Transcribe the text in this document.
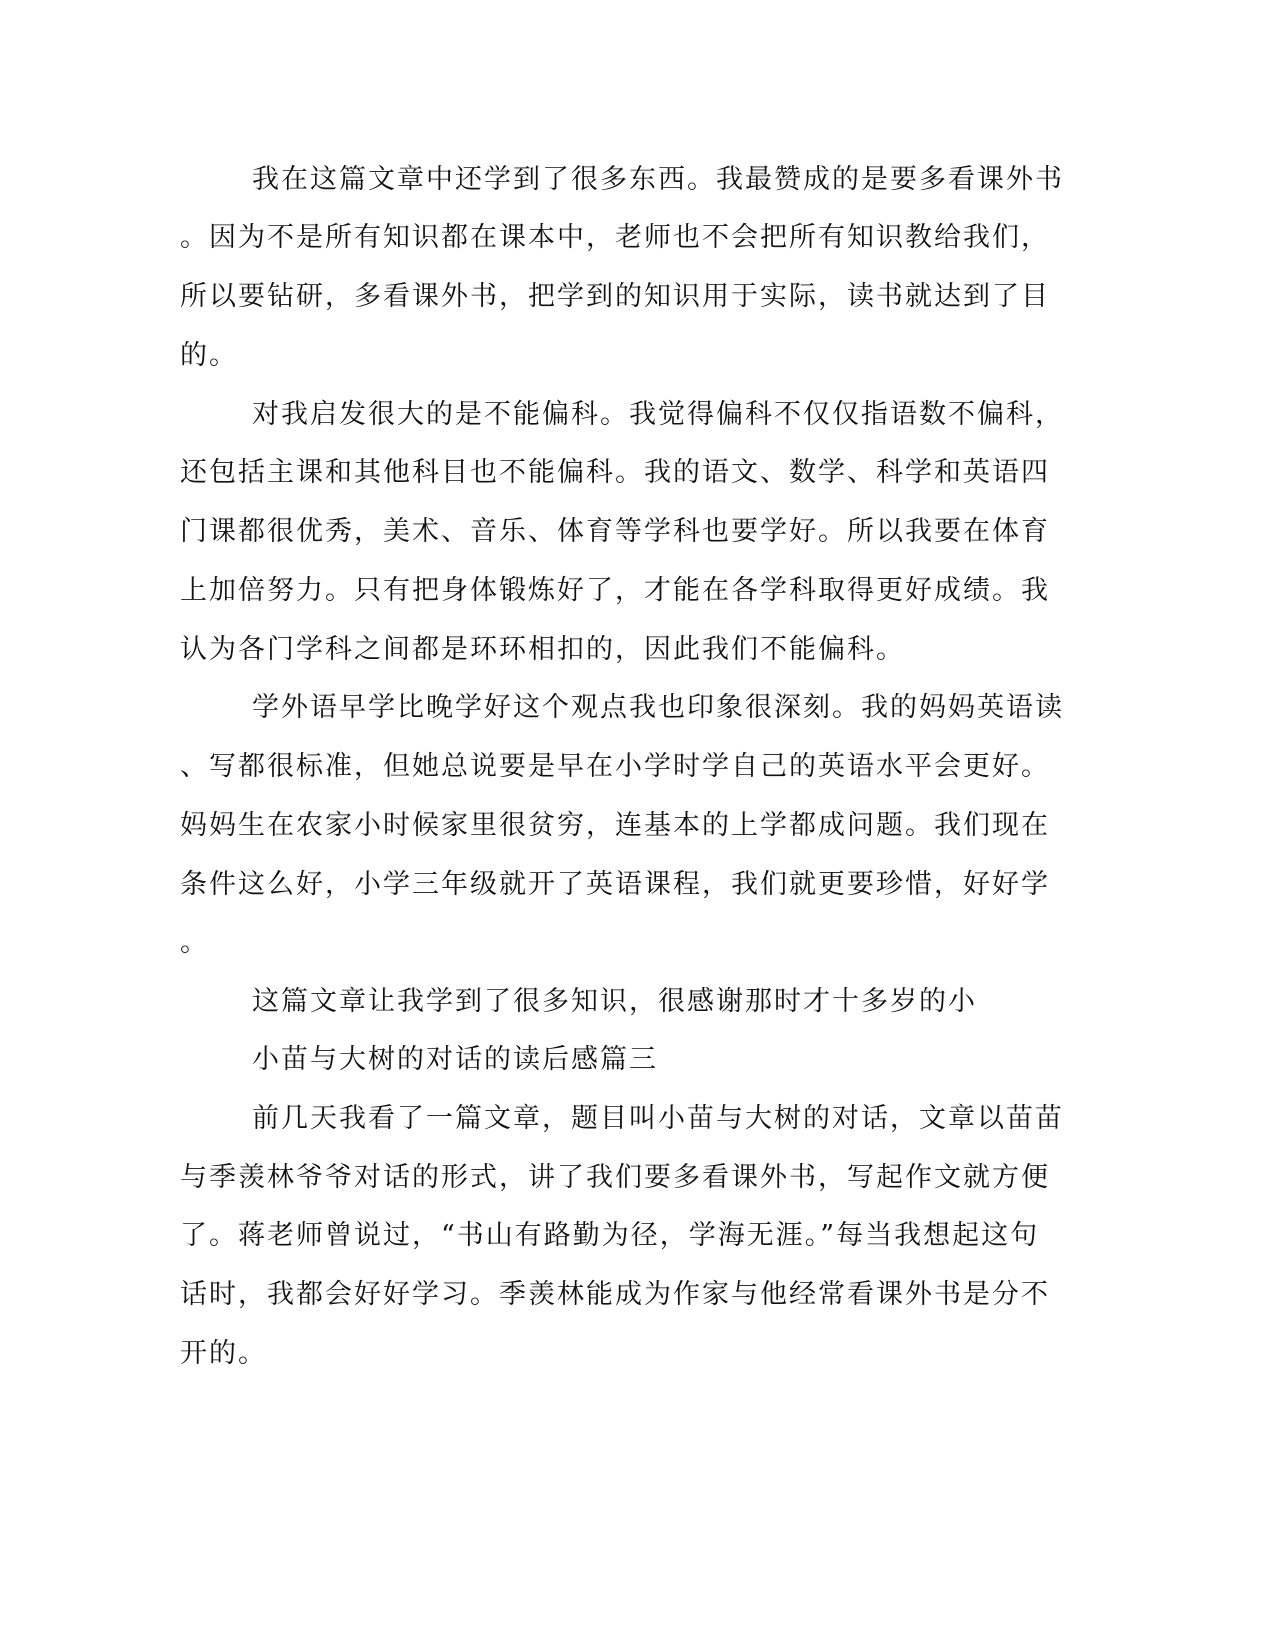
我在这篇文章中还学到了很多东西。我最赞成的是要多看课外书
。因为不是所有知识都在课本中，老师也不会把所有知识教给我们，
所以要钻研，多看课外书，把学到的知识用于实际，读书就达到了目
的。
对我启发很大的是不能偏科。我觉得偏科不仅仅指语数不偏科，
还包括主课和其他科目也不能偏科。我的语文、数学、科学和英语四
门课都很优秀，美术、音乐、体育等学科也要学好。所以我要在体育
上加倍努力。只有把身体锻炼好了，才能在各学科取得更好成绩。我
认为各门学科之间都是环环相扣的，因此我们不能偏科。
学外语早学比晚学好这个观点我也印象很深刻。我的妈妈英语读
、写都很标准，但她总说要是早在小学时学自己的英语水平会更好。
妈妈生在农家小时候家里很贫穷，连基本的上学都成问题。我们现在
条件这么好，小学三年级就开了英语课程，我们就更要珍惜，好好学
。
这篇文章让我学到了很多知识，很感谢那时才十多岁的小
小苗与大树的对话的读后感篇三
前几天我看了一篇文章，题目叫小苗与大树的对话，文章以苗苗
与季羡林爷爷对话的形式，讲了我们要多看课外书，写起作文就方便
了。蒋老师曾说过，“书山有路勤为径，学海无涯。”每当我想起这句
话时，我都会好好学习。季羡林能成为作家与他经常看课外书是分不
开的。
